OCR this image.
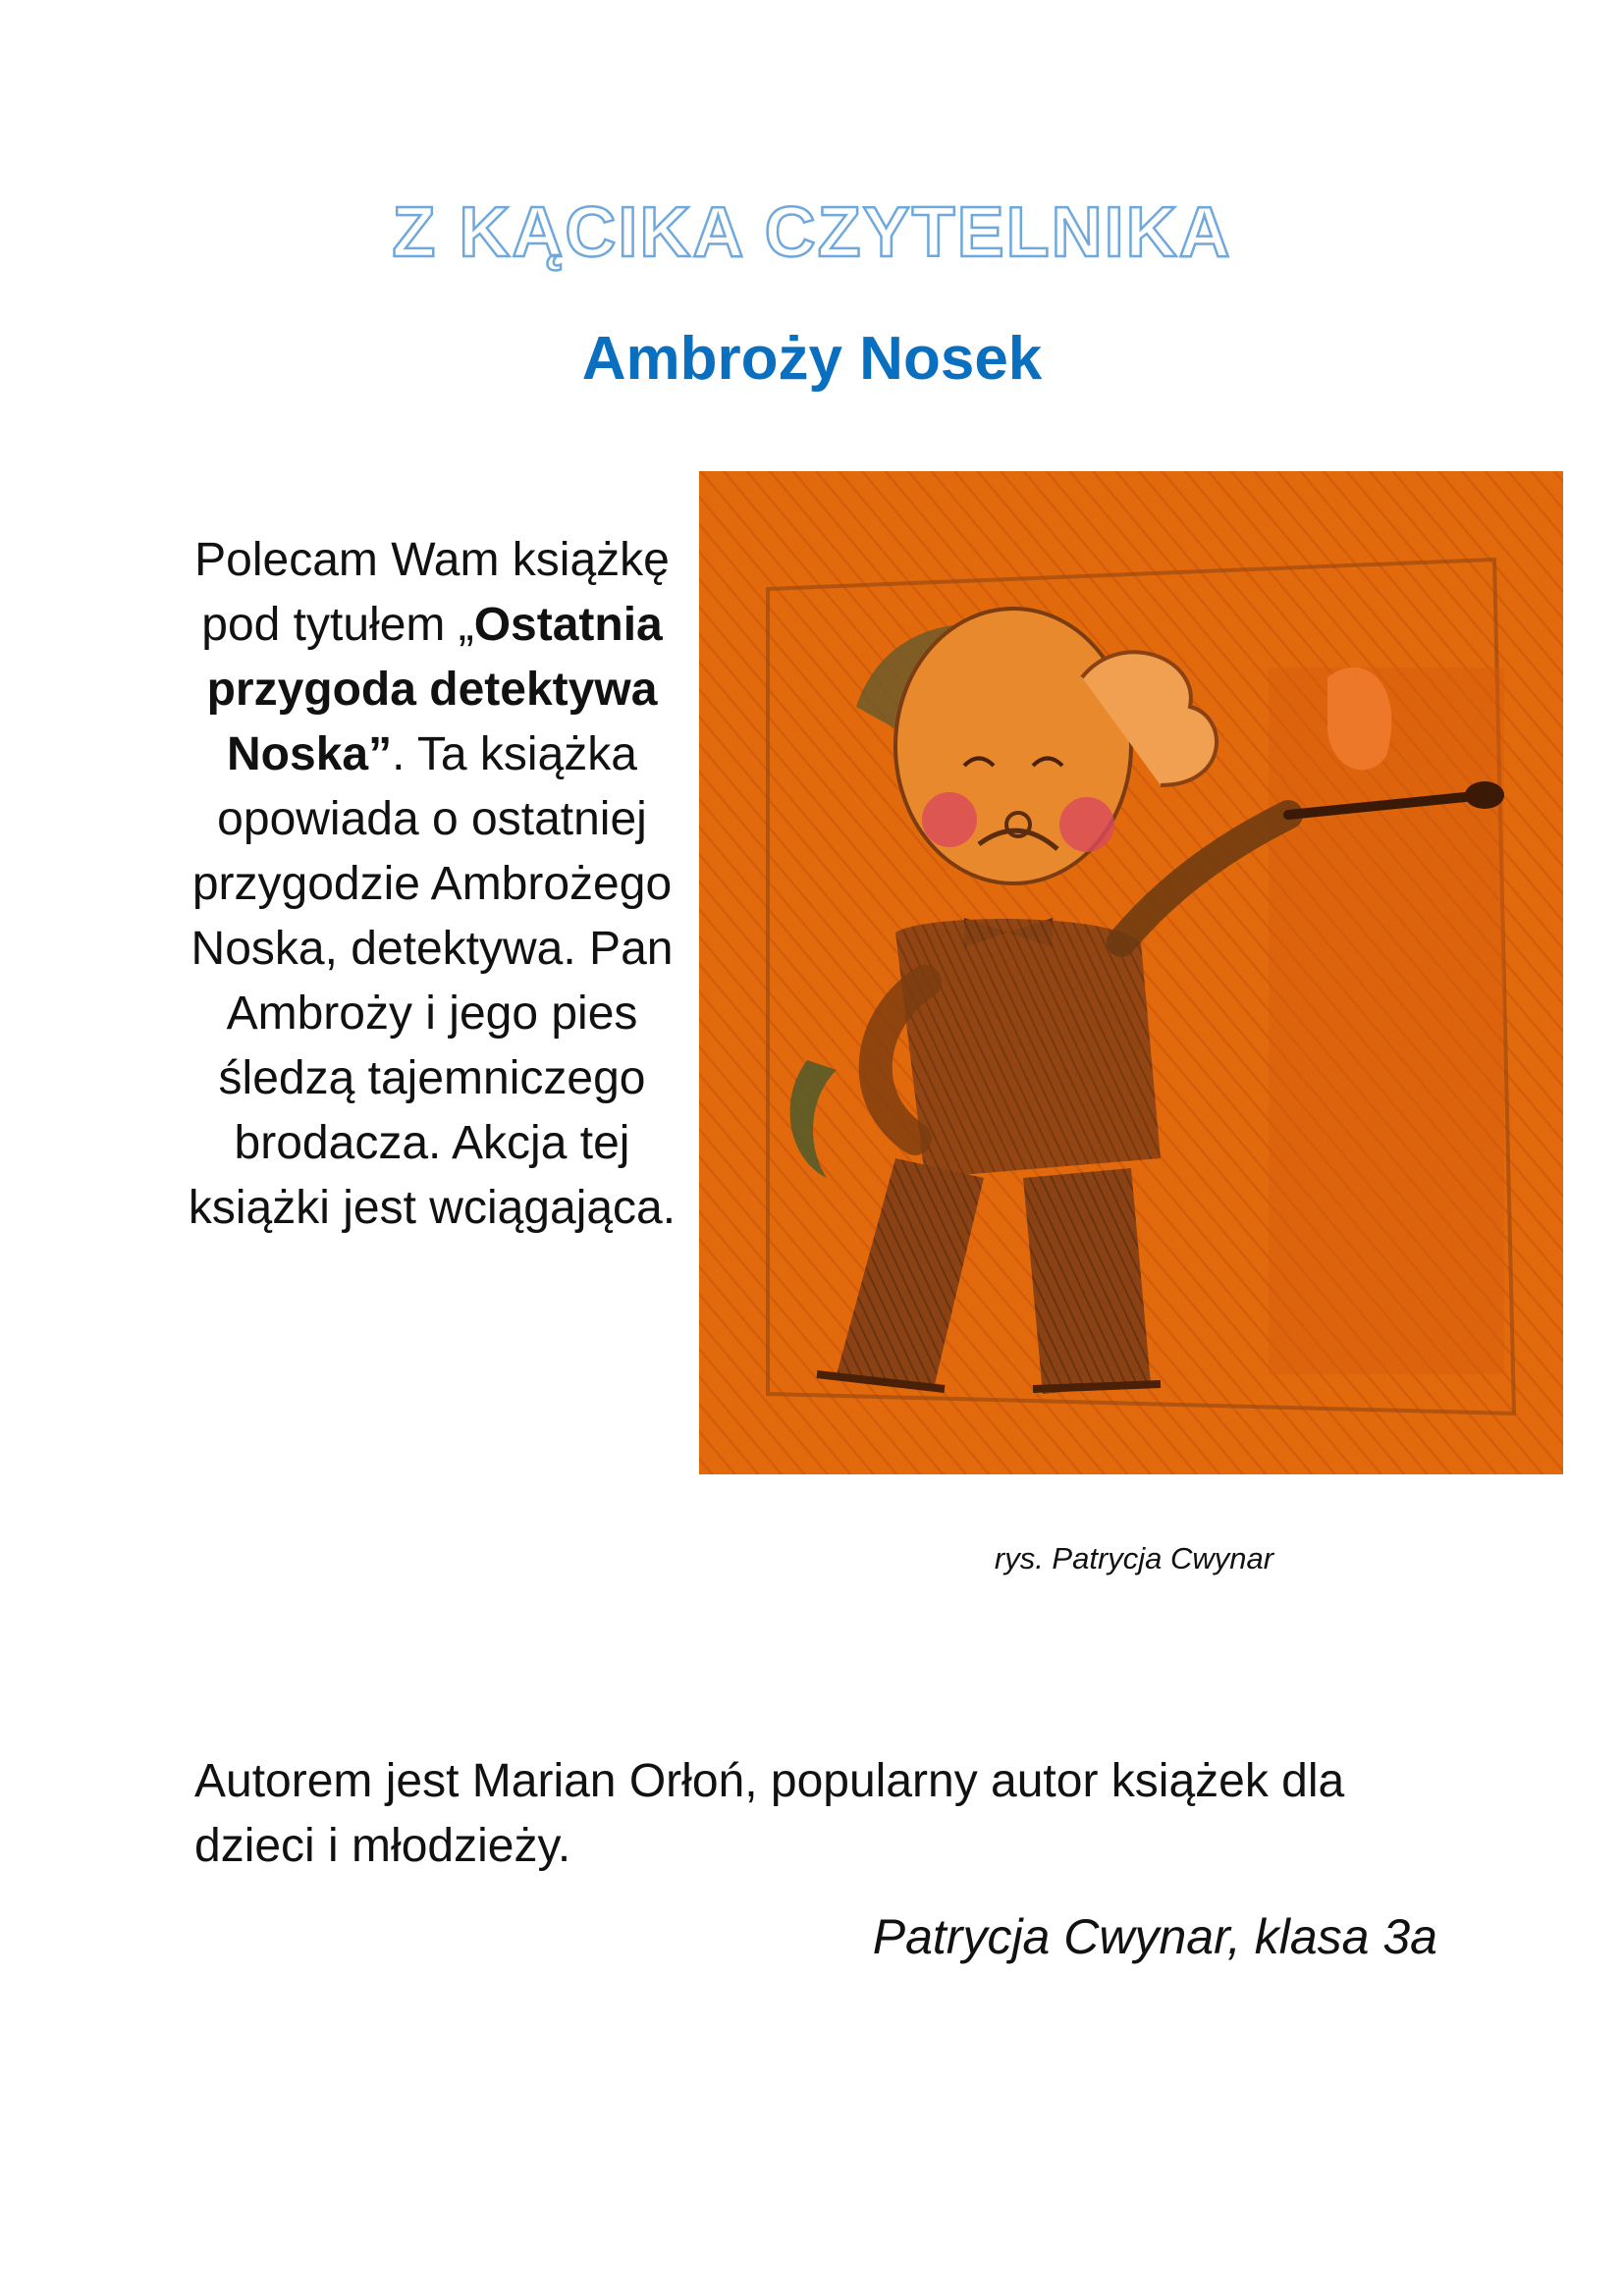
Z KĄCIKA CZYTELNIKA
Ambroży Nosek
Polecam Wam książkę pod tytułem „Ostatnia przygoda detektywa Noska”. Ta książka opowiada o ostatniej przygodzie Ambrożego Noska, detektywa. Pan Ambroży i jego pies śledzą tajemniczego brodacza. Akcja tej książki jest wciągająca.
rys. Patrycja Cwynar
Autorem jest Marian Orłoń, popularny autor książek dla dzieci i młodzieży.
Patrycja Cwynar, klasa 3a
